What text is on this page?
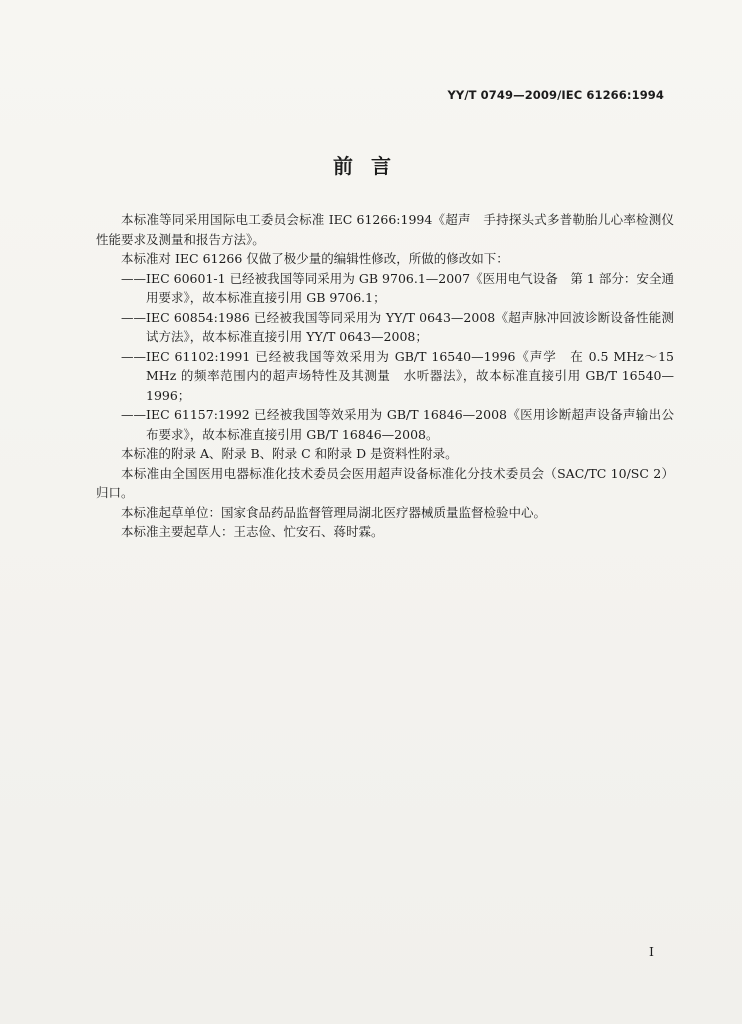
YY/T 0749—2009/IEC 61266:1994
前言

本标准等同采用国际电工委员会标准 IEC 61266:1994《超声　手持探头式多普勒胎儿心率检测仪性能要求及测量和报告方法》。

本标准对 IEC 61266 仅做了极少量的编辑性修改，所做的修改如下：

——IEC 60601-1 已经被我国等同采用为 GB 9706.1—2007《医用电气设备　第 1 部分：安全通用要求》，故本标准直接引用 GB 9706.1；

——IEC 60854:1986 已经被我国等同采用为 YY/T 0643—2008《超声脉冲回波诊断设备性能测试方法》，故本标准直接引用 YY/T 0643—2008；

——IEC 61102:1991 已经被我国等效采用为 GB/T 16540—1996《声学　在 0.5 MHz～15 MHz 的频率范围内的超声场特性及其测量　水听器法》，故本标准直接引用 GB/T 16540—1996；

——IEC 61157:1992 已经被我国等效采用为 GB/T 16846—2008《医用诊断超声设备声输出公布要求》，故本标准直接引用 GB/T 16846—2008。

本标准的附录 A、附录 B、附录 C 和附录 D 是资料性附录。

本标准由全国医用电器标准化技术委员会医用超声设备标准化分技术委员会（SAC/TC 10/SC 2）归口。

本标准起草单位：国家食品药品监督管理局湖北医疗器械质量监督检验中心。

本标准主要起草人：王志俭、忙安石、蒋时霖。

I
